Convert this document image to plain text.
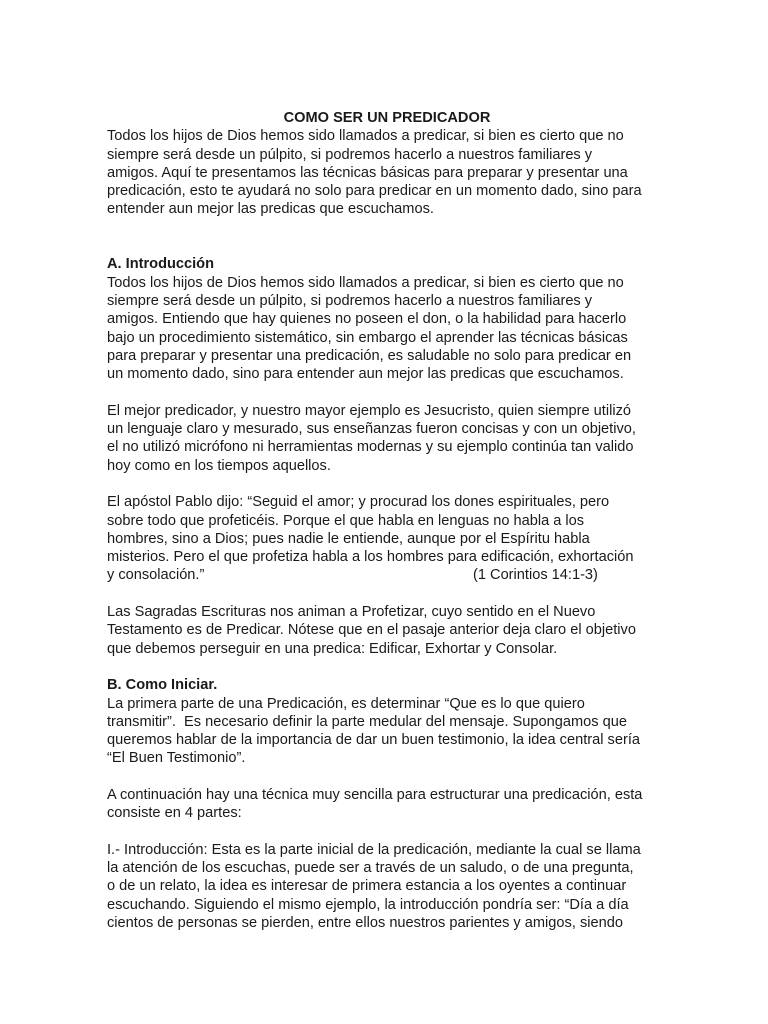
COMO SER UN PREDICADOR

Todos los hijos de Dios hemos sido llamados a predicar, si bien es cierto que no
siempre será desde un púlpito, si podremos hacerlo a nuestros familiares y
amigos. Aquí te presentamos las técnicas básicas para preparar y presentar una
predicación, esto te ayudará no solo para predicar en un momento dado, sino para
entender aun mejor las predicas que escuchamos.
A. Introducción
Todos los hijos de Dios hemos sido llamados a predicar, si bien es cierto que no
siempre será desde un púlpito, si podremos hacerlo a nuestros familiares y
amigos. Entiendo que hay quienes no poseen el don, o la habilidad para hacerlo
bajo un procedimiento sistemático, sin embargo el aprender las técnicas básicas
para preparar y presentar una predicación, es saludable no solo para predicar en
un momento dado, sino para entender aun mejor las predicas que escuchamos.
El mejor predicador, y nuestro mayor ejemplo es Jesucristo, quien siempre utilizó
un lenguaje claro y mesurado, sus enseñanzas fueron concisas y con un objetivo,
el no utilizó micrófono ni herramientas modernas y su ejemplo continúa tan valido
hoy como en los tiempos aquellos.
El apóstol Pablo dijo: “Seguid el amor; y procurad los dones espirituales, pero
sobre todo que profeticéis. Porque el que habla en lenguas no habla a los
hombres, sino a Dios; pues nadie le entiende, aunque por el Espíritu habla
misterios. Pero el que profetiza habla a los hombres para edificación, exhortación
y consolación.”	(1 Corintios 14:1-3)
Las Sagradas Escrituras nos animan a Profetizar, cuyo sentido en el Nuevo
Testamento es de Predicar. Nótese que en el pasaje anterior deja claro el objetivo
que debemos perseguir en una predica: Edificar, Exhortar y Consolar.
B. Como Iniciar.
La primera parte de una Predicación, es determinar “Que es lo que quiero
transmitir”.  Es necesario definir la parte medular del mensaje. Supongamos que
queremos hablar de la importancia de dar un buen testimonio, la idea central sería
“El Buen Testimonio”.
A continuación hay una técnica muy sencilla para estructurar una predicación, esta
consiste en 4 partes:
I.- Introducción: Esta es la parte inicial de la predicación, mediante la cual se llama
la atención de los escuchas, puede ser a través de un saludo, o de una pregunta,
o de un relato, la idea es interesar de primera estancia a los oyentes a continuar
escuchando. Siguiendo el mismo ejemplo, la introducción pondría ser: “Día a día
cientos de personas se pierden, entre ellos nuestros parientes y amigos, siendo
